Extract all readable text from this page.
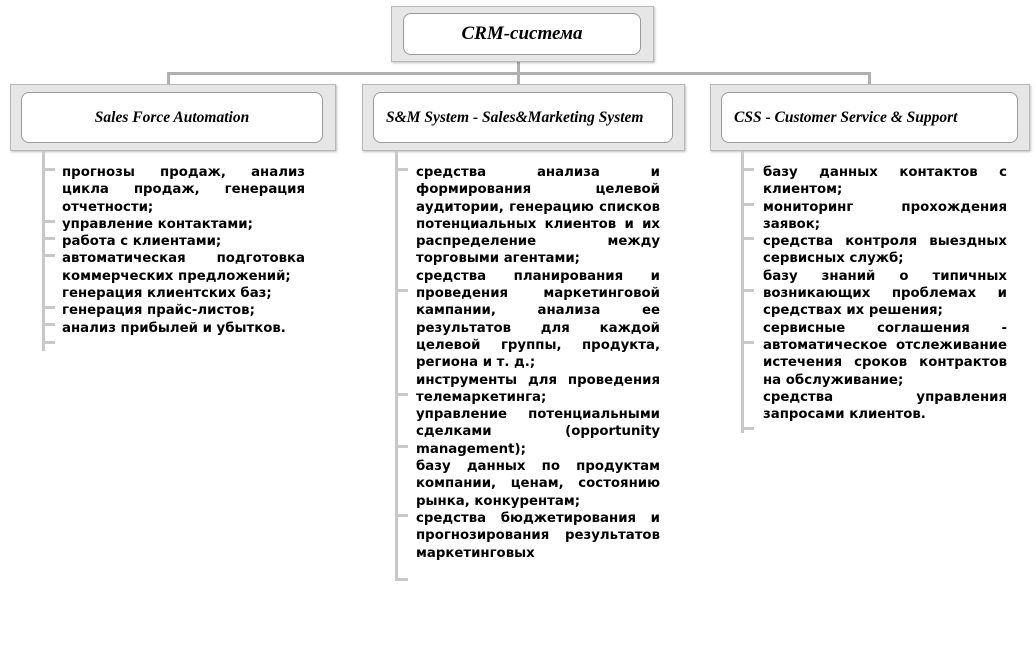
CRM-система
Sales Force Automation	S&M System - Sales&Marketing System	CSS - Customer Service & Support
прогнозы продаж, анализ цикла продаж, генерация отчетности;
управление контактами;
работа с клиентами;
автоматическая подготовка коммерческих предложений;
генерация клиентских баз;
генерация прайс-листов;
анализ прибылей и убытков.
средства анализа и формирования целевой аудитории, генерацию списков потенциальных клиентов и их распределение между торговыми агентами;
средства планирования и проведения маркетинговой кампании, анализа ее результатов для каждой целевой группы, продукта, региона и т. д.;
инструменты для проведения телемаркетинга;
управление потенциальными сделками (opportunity management);
базу данных по продуктам компании, ценам, состоянию рынка, конкурентам;
средства бюджетирования и прогнозирования результатов маркетинговых
базу данных контактов с клиентом;
мониторинг прохождения заявок;
средства контроля выездных сервисных служб;
базу знаний о типичных возникающих проблемах и средствах их решения;
сервисные соглашения - автоматическое отслеживание истечения сроков контрактов на обслуживание;
средства управления запросами клиентов.
